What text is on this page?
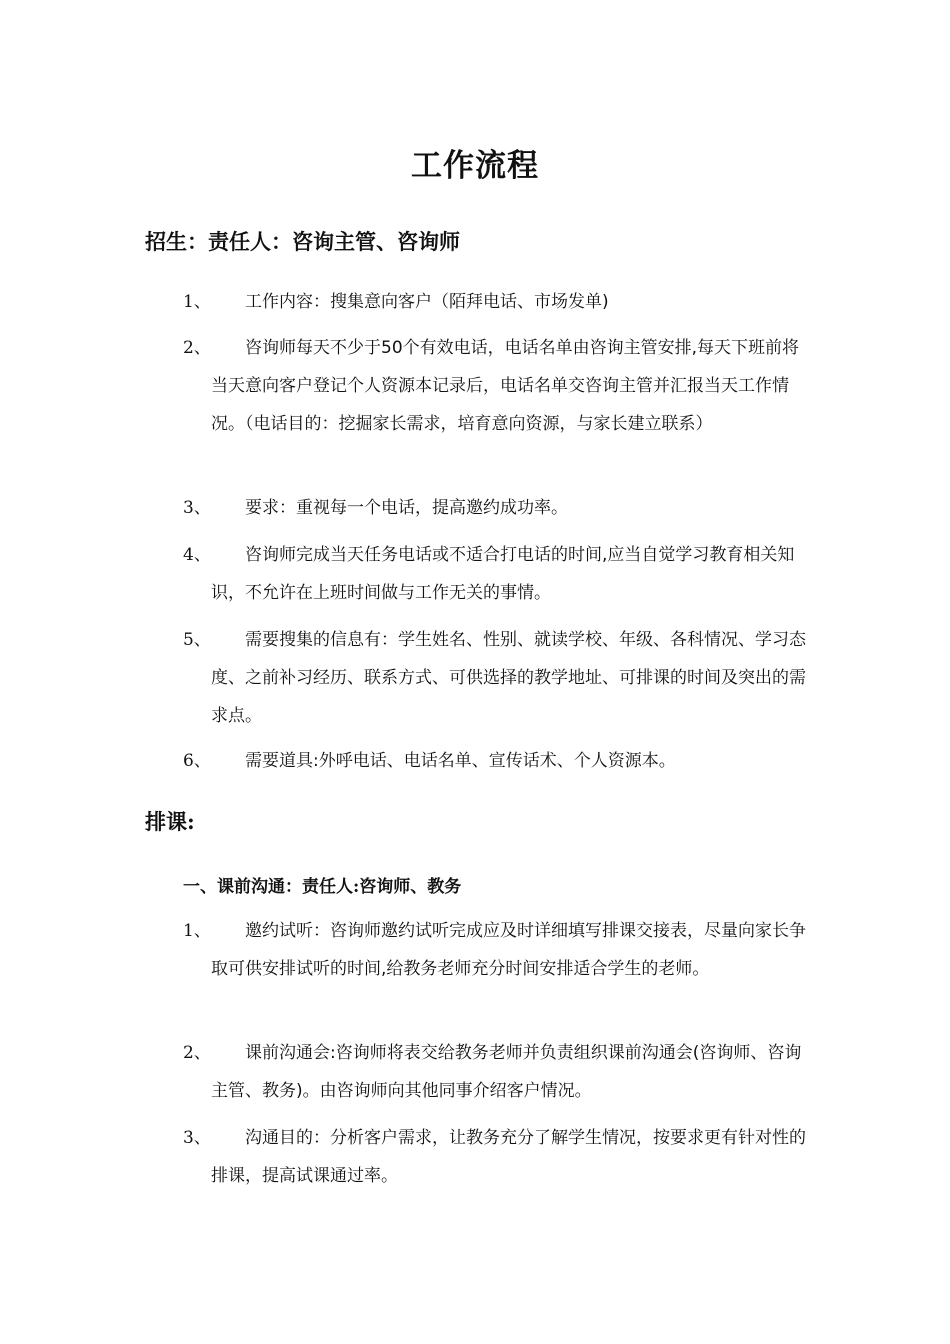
工作流程
招生：责任人：咨询主管、咨询师
1、	工作内容：搜集意向客户（陌拜电话、市场发单)
2、	咨询师每天不少于50个有效电话，电话名单由咨询主管安排,每天下班前将当天意向客户登记个人资源本记录后，电话名单交咨询主管并汇报当天工作情况。（电话目的：挖掘家长需求，培育意向资源，与家长建立联系）
3、	要求：重视每一个电话，提高邀约成功率。
4、	咨询师完成当天任务电话或不适合打电话的时间,应当自觉学习教育相关知识，不允许在上班时间做与工作无关的事情。
5、	需要搜集的信息有：学生姓名、性别、就读学校、年级、各科情况、学习态度、之前补习经历、联系方式、可供选择的教学地址、可排课的时间及突出的需求点。
6、	需要道具:外呼电话、电话名单、宣传话术、个人资源本。
排课:
一、课前沟通：责任人:咨询师、教务
1、	邀约试听：咨询师邀约试听完成应及时详细填写排课交接表，尽量向家长争取可供安排试听的时间,给教务老师充分时间安排适合学生的老师。
2、	课前沟通会:咨询师将表交给教务老师并负责组织课前沟通会(咨询师、咨询主管、教务)。由咨询师向其他同事介绍客户情况。
3、	沟通目的：分析客户需求，让教务充分了解学生情况，按要求更有针对性的排课，提高试课通过率。
